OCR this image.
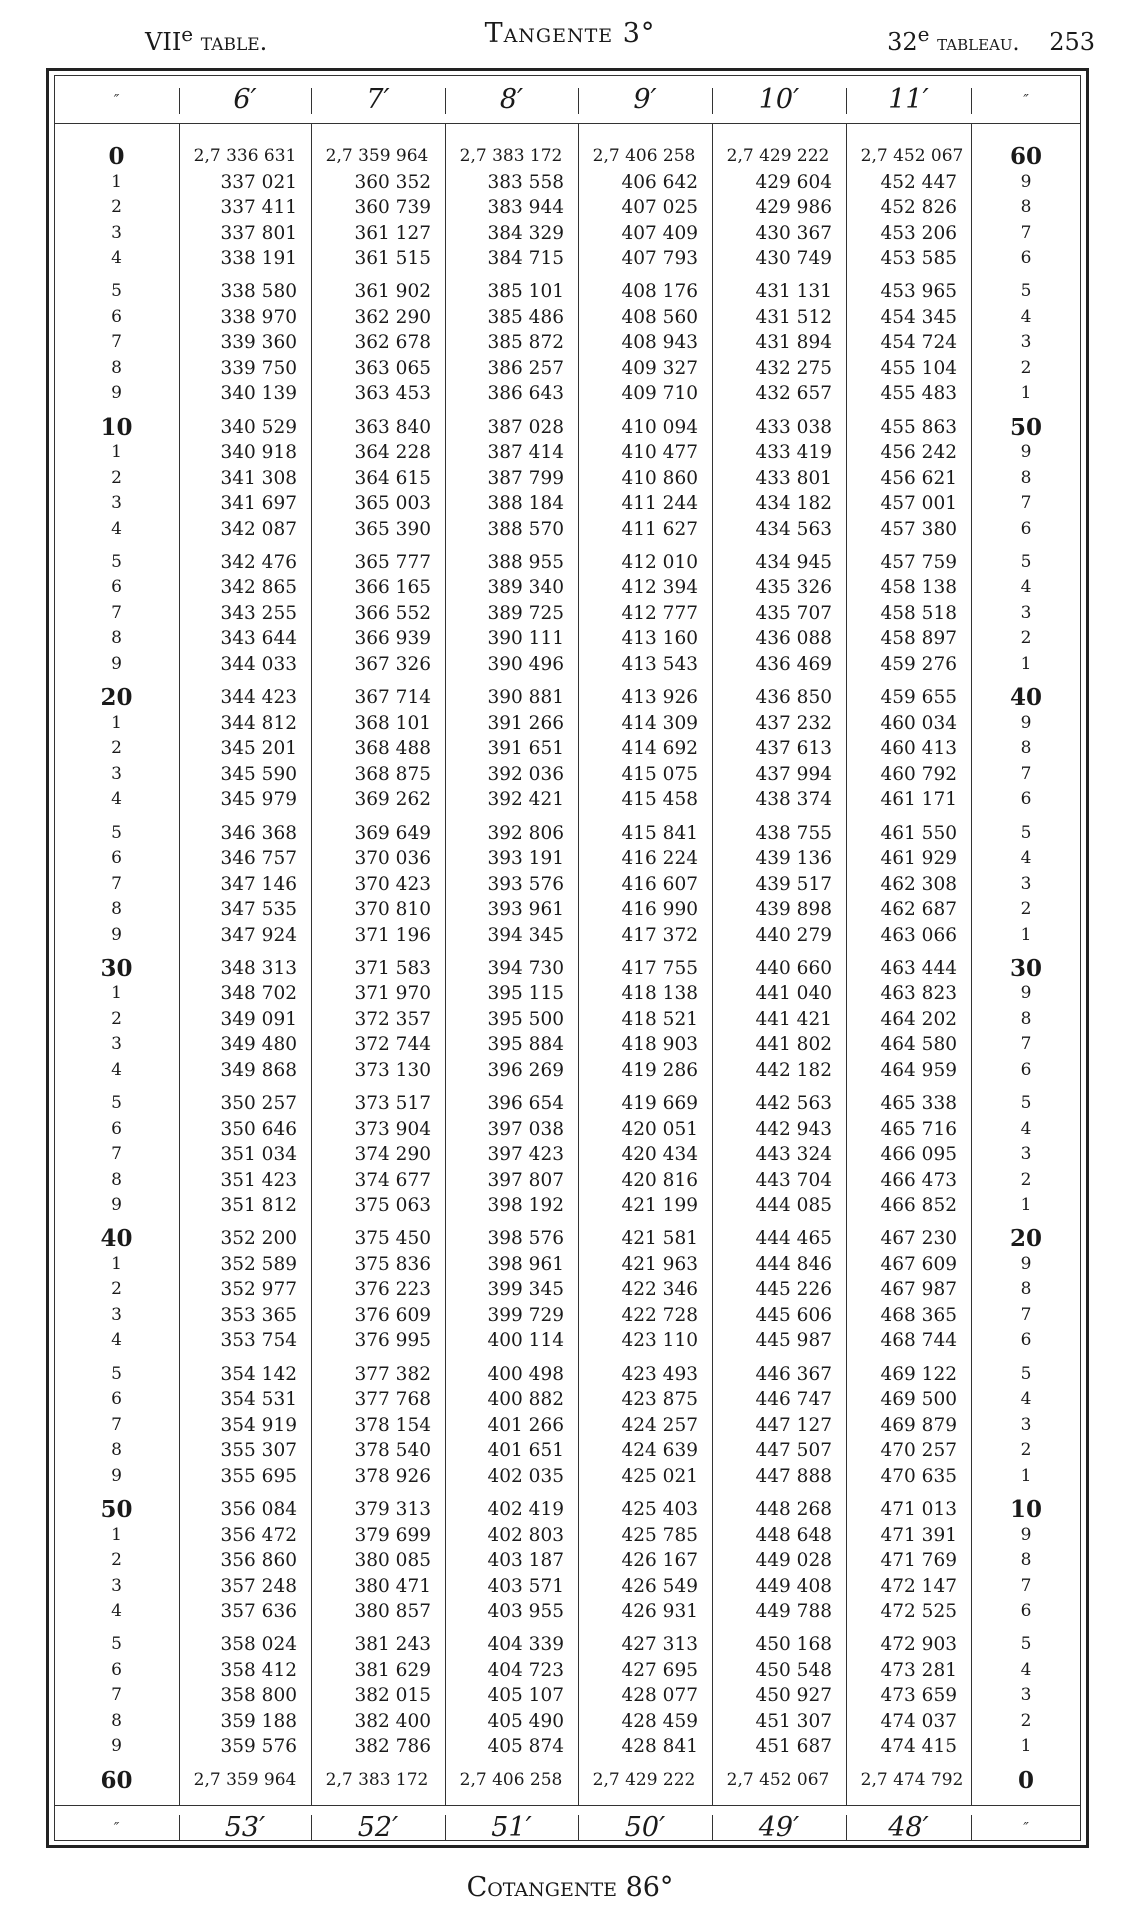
VIIe table.	Tangente 3°	32e tableau. 253
″	6′	7′	8′	9′	10′	11′	″
″	53′	52′	51′	50′	49′	48′	″
0	2,7 336 631	2,7 359 964	2,7 383 172	2,7 406 258	2,7 429 222	2,7 452 067	60
1	337 021	360 352	383 558	406 642	429 604	452 447	9
2	337 411	360 739	383 944	407 025	429 986	452 826	8
3	337 801	361 127	384 329	407 409	430 367	453 206	7
4	338 191	361 515	384 715	407 793	430 749	453 585	6
5	338 580	361 902	385 101	408 176	431 131	453 965	5
6	338 970	362 290	385 486	408 560	431 512	454 345	4
7	339 360	362 678	385 872	408 943	431 894	454 724	3
8	339 750	363 065	386 257	409 327	432 275	455 104	2
9	340 139	363 453	386 643	409 710	432 657	455 483	1
10	340 529	363 840	387 028	410 094	433 038	455 863	50
1	340 918	364 228	387 414	410 477	433 419	456 242	9
2	341 308	364 615	387 799	410 860	433 801	456 621	8
3	341 697	365 003	388 184	411 244	434 182	457 001	7
4	342 087	365 390	388 570	411 627	434 563	457 380	6
5	342 476	365 777	388 955	412 010	434 945	457 759	5
6	342 865	366 165	389 340	412 394	435 326	458 138	4
7	343 255	366 552	389 725	412 777	435 707	458 518	3
8	343 644	366 939	390 111	413 160	436 088	458 897	2
9	344 033	367 326	390 496	413 543	436 469	459 276	1
20	344 423	367 714	390 881	413 926	436 850	459 655	40
1	344 812	368 101	391 266	414 309	437 232	460 034	9
2	345 201	368 488	391 651	414 692	437 613	460 413	8
3	345 590	368 875	392 036	415 075	437 994	460 792	7
4	345 979	369 262	392 421	415 458	438 374	461 171	6
5	346 368	369 649	392 806	415 841	438 755	461 550	5
6	346 757	370 036	393 191	416 224	439 136	461 929	4
7	347 146	370 423	393 576	416 607	439 517	462 308	3
8	347 535	370 810	393 961	416 990	439 898	462 687	2
9	347 924	371 196	394 345	417 372	440 279	463 066	1
30	348 313	371 583	394 730	417 755	440 660	463 444	30
1	348 702	371 970	395 115	418 138	441 040	463 823	9
2	349 091	372 357	395 500	418 521	441 421	464 202	8
3	349 480	372 744	395 884	418 903	441 802	464 580	7
4	349 868	373 130	396 269	419 286	442 182	464 959	6
5	350 257	373 517	396 654	419 669	442 563	465 338	5
6	350 646	373 904	397 038	420 051	442 943	465 716	4
7	351 034	374 290	397 423	420 434	443 324	466 095	3
8	351 423	374 677	397 807	420 816	443 704	466 473	2
9	351 812	375 063	398 192	421 199	444 085	466 852	1
40	352 200	375 450	398 576	421 581	444 465	467 230	20
1	352 589	375 836	398 961	421 963	444 846	467 609	9
2	352 977	376 223	399 345	422 346	445 226	467 987	8
3	353 365	376 609	399 729	422 728	445 606	468 365	7
4	353 754	376 995	400 114	423 110	445 987	468 744	6
5	354 142	377 382	400 498	423 493	446 367	469 122	5
6	354 531	377 768	400 882	423 875	446 747	469 500	4
7	354 919	378 154	401 266	424 257	447 127	469 879	3
8	355 307	378 540	401 651	424 639	447 507	470 257	2
9	355 695	378 926	402 035	425 021	447 888	470 635	1
50	356 084	379 313	402 419	425 403	448 268	471 013	10
1	356 472	379 699	402 803	425 785	448 648	471 391	9
2	356 860	380 085	403 187	426 167	449 028	471 769	8
3	357 248	380 471	403 571	426 549	449 408	472 147	7
4	357 636	380 857	403 955	426 931	449 788	472 525	6
5	358 024	381 243	404 339	427 313	450 168	472 903	5
6	358 412	381 629	404 723	427 695	450 548	473 281	4
7	358 800	382 015	405 107	428 077	450 927	473 659	3
8	359 188	382 400	405 490	428 459	451 307	474 037	2
9	359 576	382 786	405 874	428 841	451 687	474 415	1
60	2,7 359 964	2,7 383 172	2,7 406 258	2,7 429 222	2,7 452 067	2,7 474 792	0
Cotangente 86°
